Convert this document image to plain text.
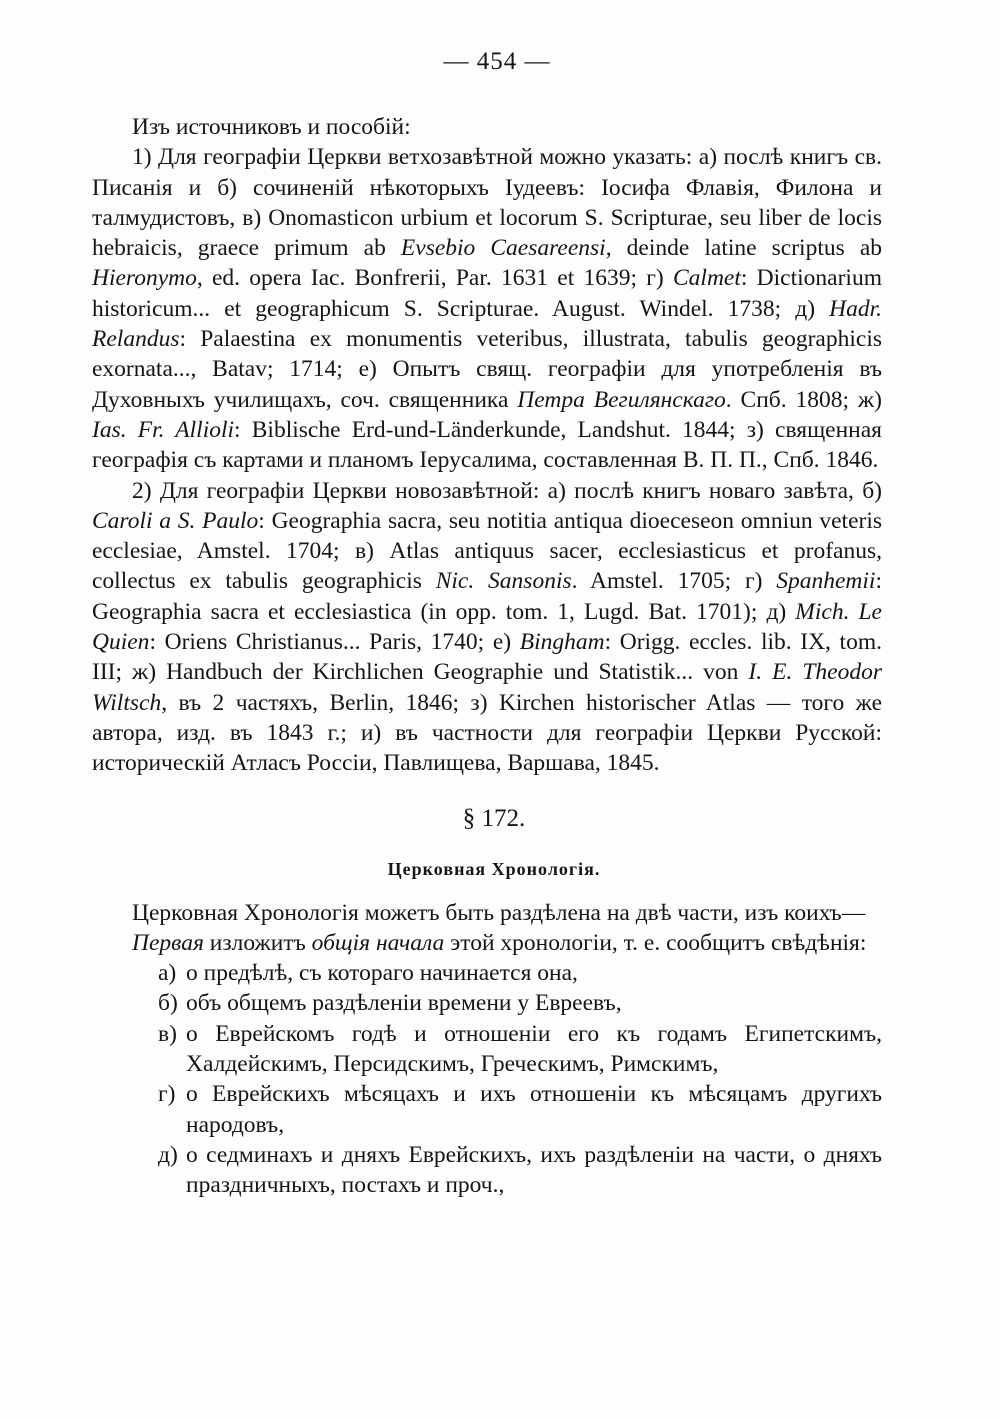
— 454 —

Изъ источниковъ и пособій:

1) Для географіи Церкви ветхозавѣтной можно указать: а) послѣ книгъ св. Писанія и б) сочиненій нѣкоторыхъ Іудеевъ: Іосифа Флавія, Филона и талмудистовъ, в) Onomasticon urbium et locorum S. Scripturae, seu liber de locis hebraicis, graece primum ab Evsebio Caesareensi, deinde latine scriptus ab Hieronymo, ed. opera Iac. Bonfrerii, Par. 1631 et 1639; г) Calmet: Dictionarium historicum... et geographicum S. Scripturae. August. Windel. 1738; д) Hadr. Relandus: Palaestina ex monumentis veteribus, illustrata, tabulis geographicis exornata..., Batav; 1714; е) Опытъ свящ. географіи для употребленія въ Духовныхъ училищахъ, соч. священника Петра Вегилянскаго. Спб. 1808; ж) Ias. Fr. Allioli: Biblische Erd-und-Länderkunde, Landshut. 1844; з) священная географія съ картами и планомъ Іерусалима, составленная В. П. П., Спб. 1846.

2) Для географіи Церкви новозавѣтной: а) послѣ книгъ новаго завѣта, б) Caroli a S. Paulo: Geographia sacra, seu notitia antiqua dioeceseon omniun veteris ecclesiae, Amstel. 1704; в) Atlas antiquus sacer, ecclesiasticus et profanus, collectus ex tabulis geographicis Nic. Sansonis. Amstel. 1705; г) Spanhemii: Geographia sacra et ecclesiastica (in opp. tom. 1, Lugd. Bat. 1701); д) Mich. Le Quien: Oriens Christianus... Paris, 1740; е) Bingham: Origg. eccles. lib. IX, tom. III; ж) Handbuch der Kirchlichen Geographie und Statistik... von I. E. Theodor Wiltsch, въ 2 частяхъ, Berlin, 1846; з) Kirchen historischer Atlas — того же автора, изд. въ 1843 г.; и) въ частности для географіи Церкви Русской: историческій Атласъ Россіи, Павлищева, Варшава, 1845.

§ 172.
Церковная Хронологія.

Церковная Хронологія можетъ быть раздѣлена на двѣ части, изъ коихъ—

Первая изложитъ общія начала этой хронологіи, т. е. сообщитъ свѣдѣнія:

а) о предѣлѣ, съ котораго начинается она,
б) объ общемъ раздѣленіи времени у Евреевъ,
в) о Еврейскомъ годѣ и отношеніи его къ годамъ Египетскимъ, Халдейскимъ, Персидскимъ, Греческимъ, Римскимъ,
г) о Еврейскихъ мѣсяцахъ и ихъ отношеніи къ мѣсяцамъ другихъ народовъ,
д) о седминахъ и дняхъ Еврейскихъ, ихъ раздѣленіи на части, о дняхъ праздничныхъ, постахъ и проч.,
